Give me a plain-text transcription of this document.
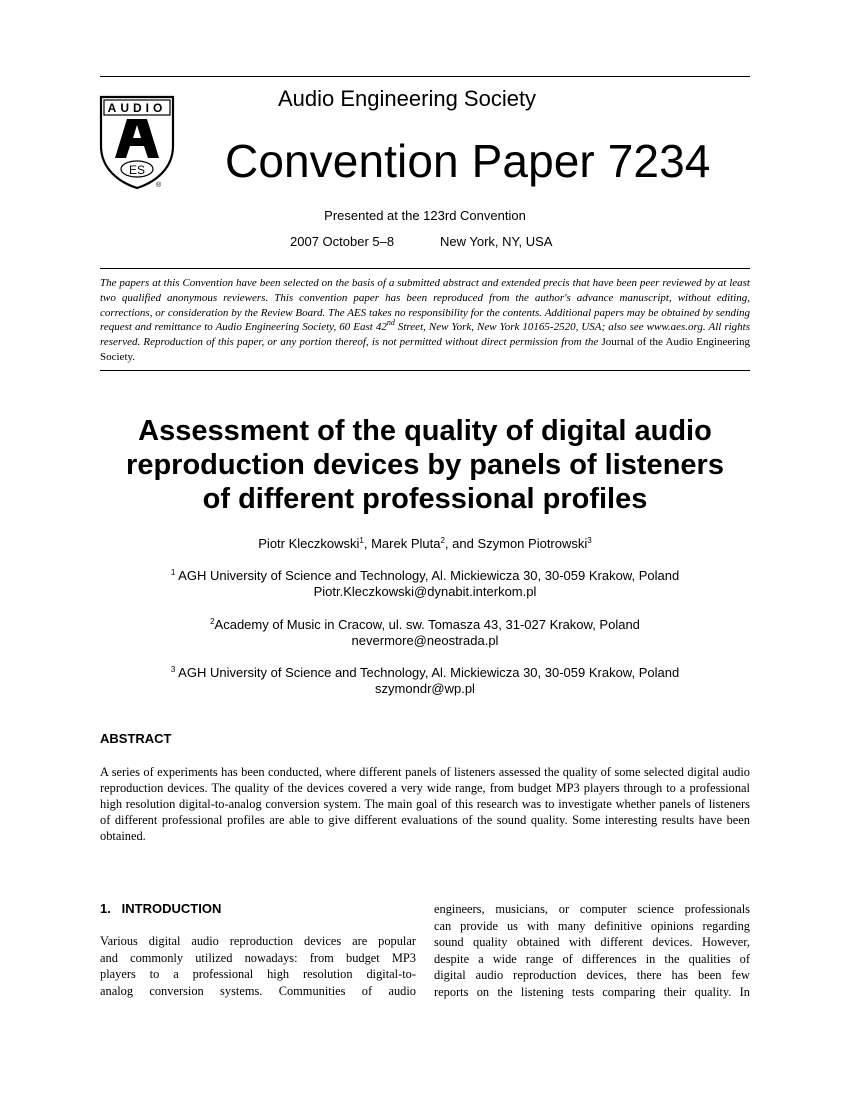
AUDIO
ES
®
Audio Engineering Society
Convention Paper 7234
Presented at the 123rd Convention
2007 October 5–8	New York, NY, USA
The papers at this Convention have been selected on the basis of a submitted abstract and extended precis that have been peer reviewed by at least two qualified anonymous reviewers. This convention paper has been reproduced from the author's advance manuscript, without editing, corrections, or consideration by the Review Board. The AES takes no responsibility for the contents. Additional papers may be obtained by sending request and remittance to Audio Engineering Society, 60 East 42nd Street, New York, New York 10165-2520, USA; also see www.aes.org. All rights reserved. Reproduction of this paper, or any portion thereof, is not permitted without direct permission from the Journal of the Audio Engineering Society.
Assessment of the quality of digital audio
reproduction devices by panels of listeners
of different professional profiles
Piotr Kleczkowski$^1$, Marek Pluta$^2$, and Szymon Piotrowski$^3$
$^1$ AGH University of Science and Technology, Al. Mickiewicza 30, 30-059 Krakow, Poland
Piotr.Kleczkowski@dynabit.interkom.pl
$^2$Academy of Music in Cracow, ul. sw. Tomasza 43, 31-027 Krakow, Poland
nevermore@neostrada.pl
$^3$ AGH University of Science and Technology, Al. Mickiewicza 30, 30-059 Krakow, Poland
szymondr@wp.pl
ABSTRACT
A series of experiments has been conducted, where different panels of listeners assessed the quality of some selected digital audio reproduction devices. The quality of the devices covered a very wide range, from budget MP3 players through to a professional high resolution digital-to-analog conversion system. The main goal of this research was to investigate whether panels of listeners of different professional profiles are able to give different evaluations of the sound quality. Some interesting results have been obtained.
1.   INTRODUCTION
Various digital audio reproduction devices are popular
and commonly utilized nowadays: from budget MP3
players to a professional high resolution digital-to-
analog conversion systems. Communities of audio
engineers, musicians, or computer science professionals
can provide us with many definitive opinions regarding
sound quality obtained with different devices. However,
despite a wide range of differences in the qualities of
digital audio reproduction devices, there has been few
reports on the listening tests comparing their quality. In
